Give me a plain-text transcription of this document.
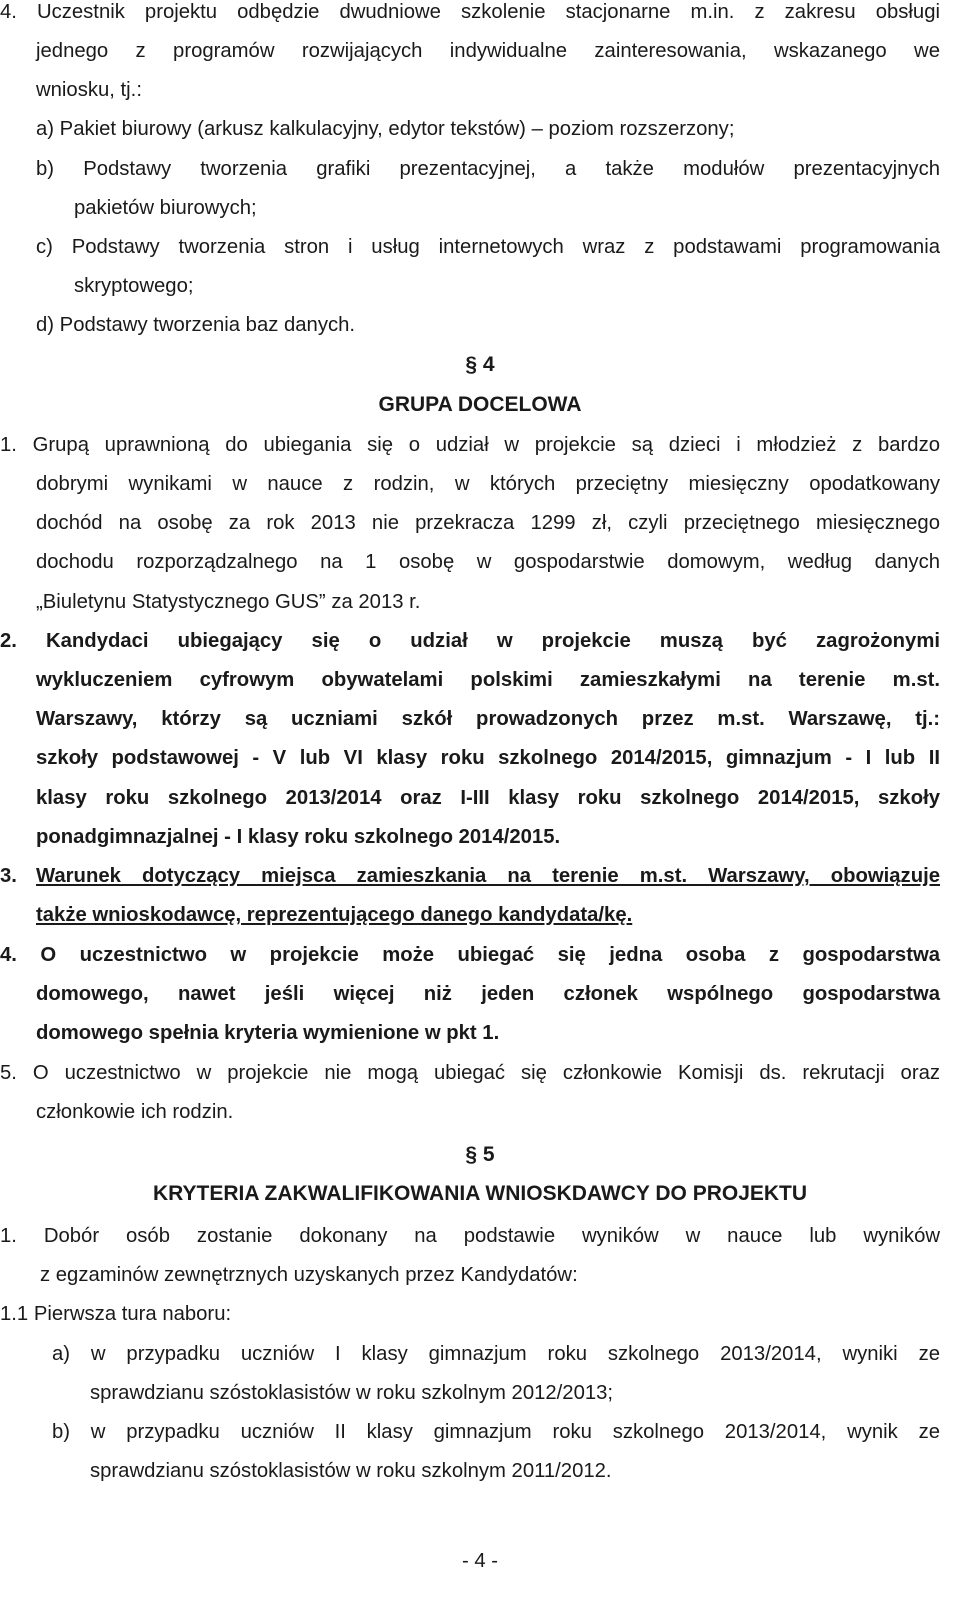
4. Uczestnik projektu odbędzie dwudniowe szkolenie stacjonarne m.in. z zakresu obsługi
jednego z programów rozwijających indywidualne zainteresowania, wskazanego we
wniosku, tj.:
a) Pakiet biurowy (arkusz kalkulacyjny, edytor tekstów) ‒ poziom rozszerzony;
b) Podstawy tworzenia grafiki prezentacyjnej, a także modułów prezentacyjnych
pakietów biurowych;
c) Podstawy tworzenia stron i usług internetowych wraz z podstawami programowania
skryptowego;
d) Podstawy tworzenia baz danych.
§ 4
GRUPA DOCELOWA
1. Grupą uprawnioną do ubiegania się o udział w projekcie są dzieci i młodzież z bardzo
dobrymi wynikami w nauce z rodzin, w których przeciętny miesięczny opodatkowany
dochód na osobę za rok 2013 nie przekracza 1299 zł, czyli przeciętnego miesięcznego
dochodu rozporządzalnego na 1 osobę w gospodarstwie domowym, według danych
„Biuletynu Statystycznego GUS” za 2013 r.
2. Kandydaci ubiegający się o udział w projekcie muszą być zagrożonymi
wykluczeniem cyfrowym obywatelami polskimi zamieszkałymi na terenie m.st.
Warszawy, którzy są uczniami szkół prowadzonych przez m.st. Warszawę, tj.:
szkoły podstawowej - V lub VI klasy roku szkolnego 2014/2015, gimnazjum - I lub II
klasy roku szkolnego 2013/2014 oraz I-III klasy roku szkolnego 2014/2015, szkoły
ponadgimnazjalnej - I klasy roku szkolnego 2014/2015.
3. Warunek dotyczący miejsca zamieszkania na terenie m.st. Warszawy, obowiązuje
także wnioskodawcę, reprezentującego danego kandydata/kę.
4. O uczestnictwo w projekcie może ubiegać się jedna osoba z gospodarstwa
domowego, nawet jeśli więcej niż jeden członek wspólnego gospodarstwa
domowego spełnia kryteria wymienione w pkt 1.
5. O uczestnictwo w projekcie nie mogą ubiegać się członkowie Komisji ds. rekrutacji oraz
członkowie ich rodzin.
§ 5
KRYTERIA ZAKWALIFIKOWANIA WNIOSKDAWCY DO PROJEKTU
1. Dobór osób zostanie dokonany na podstawie wyników w nauce lub wyników
z egzaminów zewnętrznych uzyskanych przez Kandydatów:
1.1 Pierwsza tura naboru:
a) w przypadku uczniów I klasy gimnazjum roku szkolnego 2013/2014, wyniki ze
sprawdzianu szóstoklasistów w roku szkolnym 2012/2013;
b) w przypadku uczniów II klasy gimnazjum roku szkolnego 2013/2014, wynik ze
sprawdzianu szóstoklasistów w roku szkolnym 2011/2012.
- 4 -
